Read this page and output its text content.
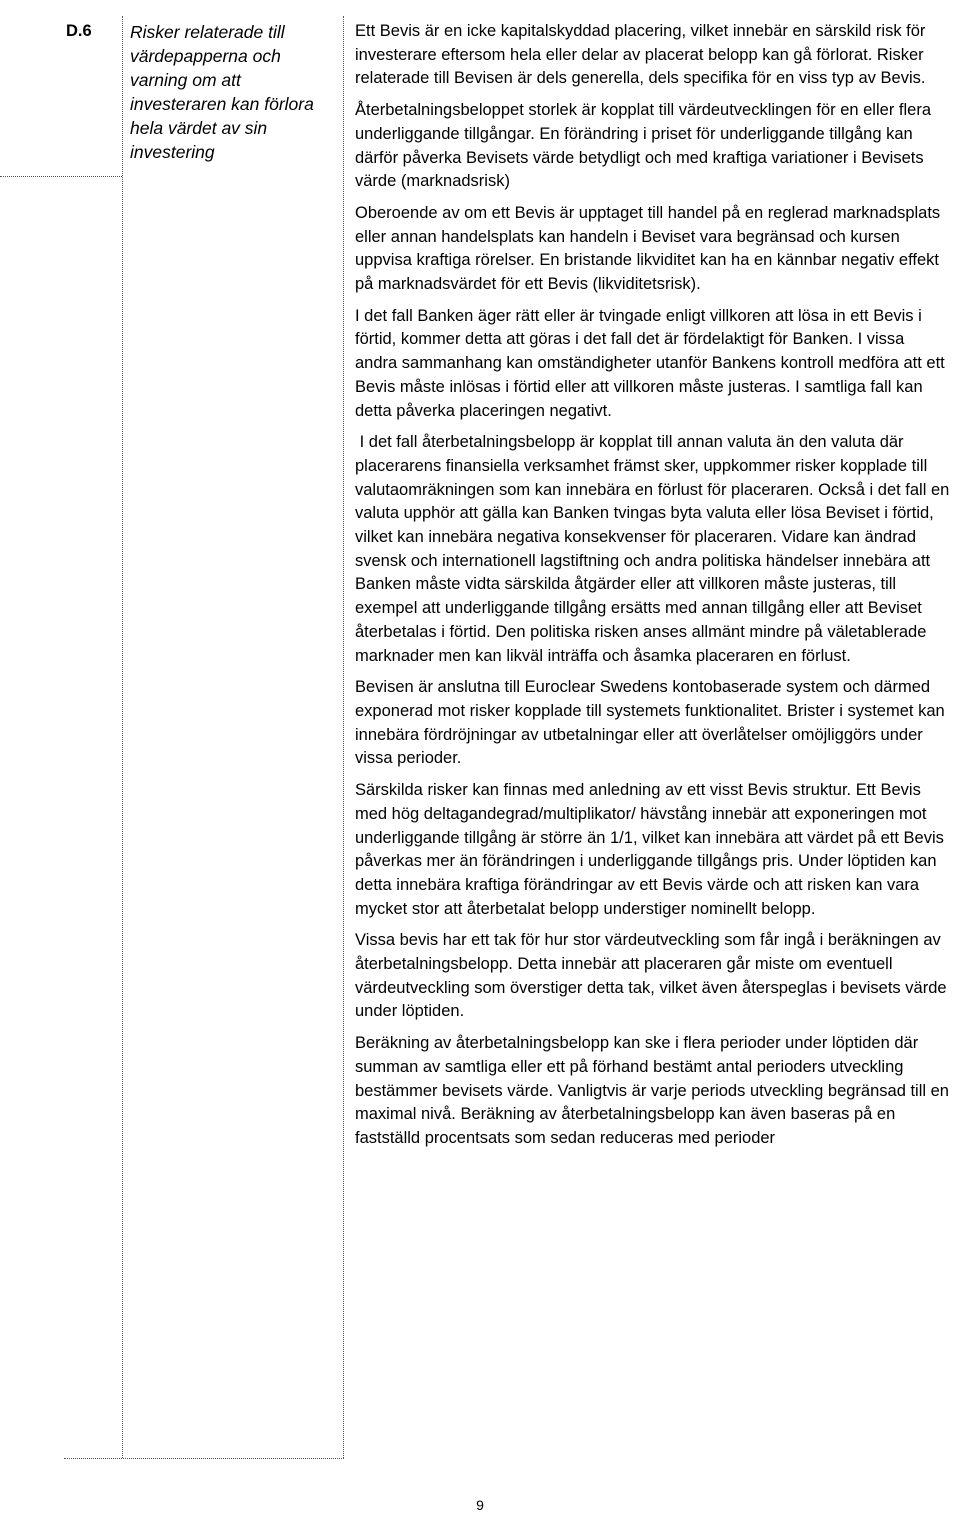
D.6 Risker relaterade till värdepapperna och varning om att investeraren kan förlora hela värdet av sin investering

Ett Bevis är en icke kapitalskyddad placering, vilket innebär en särskild risk för investerare eftersom hela eller delar av placerat belopp kan gå förlorat. Risker relaterade till Bevisen är dels generella, dels specifika för en viss typ av Bevis.

Återbetalningsbeloppet storlek är kopplat till värdeutvecklingen för en eller flera underliggande tillgångar. En förändring i priset för underliggande tillgång kan därför påverka Bevisets värde betydligt och med kraftiga variationer i Bevisets värde (marknadsrisk)

Oberoende av om ett Bevis är upptaget till handel på en reglerad marknadsplats eller annan handelsplats kan handeln i Beviset vara begränsad och kursen uppvisa kraftiga rörelser. En bristande likviditet kan ha en kännbar negativ effekt på marknadsvärdet för ett Bevis (likviditetsrisk).

I det fall Banken äger rätt eller är tvingade enligt villkoren att lösa in ett Bevis i förtid, kommer detta att göras i det fall det är fördelaktigt för Banken. I vissa andra sammanhang kan omständigheter utanför Bankens kontroll medföra att ett Bevis måste inlösas i förtid eller att villkoren måste justeras. I samtliga fall kan detta påverka placeringen negativt.

I det fall återbetalningsbelopp är kopplat till annan valuta än den valuta där placerarens finansiella verksamhet främst sker, uppkommer risker kopplade till valutaomräkningen som kan innebära en förlust för placeraren. Också i det fall en valuta upphör att gälla kan Banken tvingas byta valuta eller lösa Beviset i förtid, vilket kan innebära negativa konsekvenser för placeraren. Vidare kan ändrad svensk och internationell lagstiftning och andra politiska händelser innebära att Banken måste vidta särskilda åtgärder eller att villkoren måste justeras, till exempel att underliggande tillgång ersätts med annan tillgång eller att Beviset återbetalas i förtid. Den politiska risken anses allmänt mindre på väletablerade marknader men kan likväl inträffa och åsamka placeraren en förlust.

Bevisen är anslutna till Euroclear Swedens kontobaserade system och därmed exponerad mot risker kopplade till systemets funktionalitet. Brister i systemet kan innebära fördröjningar av utbetalningar eller att överlåtelser omöjliggörs under vissa perioder.

Särskilda risker kan finnas med anledning av ett visst Bevis struktur. Ett Bevis med hög deltagandegrad/multiplikator/ hävstång innebär att exponeringen mot underliggande tillgång är större än 1/1, vilket kan innebära att värdet på ett Bevis påverkas mer än förändringen i underliggande tillgångs pris. Under löptiden kan detta innebära kraftiga förändringar av ett Bevis värde och att risken kan vara mycket stor att återbetalat belopp understiger nominellt belopp.

Vissa bevis har ett tak för hur stor värdeutveckling som får ingå i beräkningen av återbetalningsbelopp. Detta innebär att placeraren går miste om eventuell värdeutveckling som överstiger detta tak, vilket även återspeglas i bevisets värde under löptiden.

Beräkning av återbetalningsbelopp kan ske i flera perioder under löptiden där summan av samtliga eller ett på förhand bestämt antal perioders utveckling bestämmer bevisets värde. Vanligtvis är varje periods utveckling begränsad till en maximal nivå. Beräkning av återbetalningsbelopp kan även baseras på en fastställd procentsats som sedan reduceras med perioder

9
